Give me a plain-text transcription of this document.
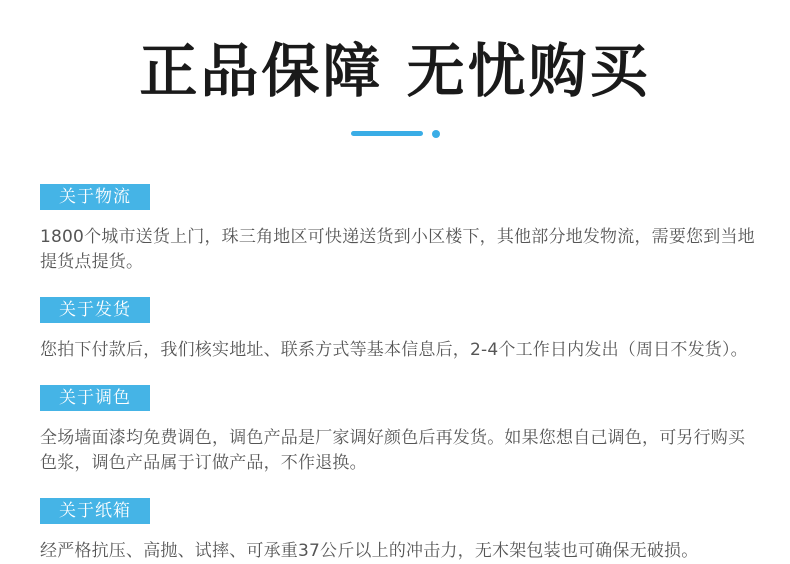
正品保障 无忧购买
关于物流

1800个城市送货上门，珠三角地区可快递送货到小区楼下，其他部分地发物流，需要您到当地提货点提货。

关于发货

您拍下付款后，我们核实地址、联系方式等基本信息后，2-4个工作日内发出（周日不发货）。

关于调色

全场墙面漆均免费调色，调色产品是厂家调好颜色后再发货。如果您想自己调色，可另行购买色浆，调色产品属于订做产品，不作退换。

关于纸箱

经严格抗压、高抛、试摔、可承重37公斤以上的冲击力，无木架包装也可确保无破损。
